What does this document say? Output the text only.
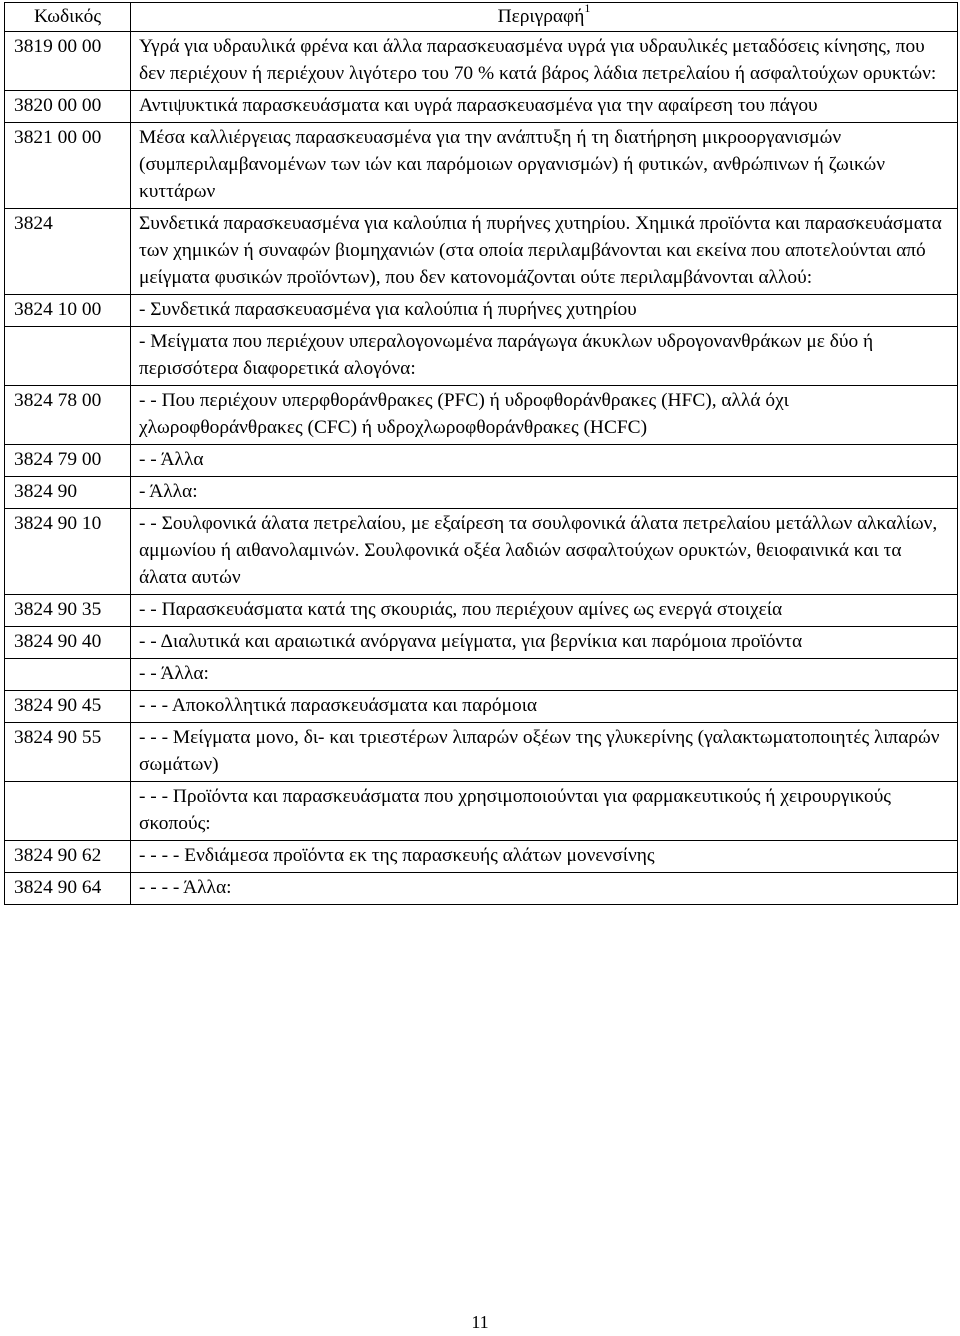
Κωδικός	Περιγραφή$^1$
3819 00 00	Υγρά για υδραυλικά φρένα και άλλα παρασκευασμένα υγρά για υδραυλικές μεταδόσεις κίνησης, που δεν περιέχουν ή περιέχουν λιγότερο του 70 % κατά βάρος λάδια πετρελαίου ή ασφαλτούχων ορυκτών:
3820 00 00	Αντιψυκτικά παρασκευάσματα και υγρά παρασκευασμένα για την αφαίρεση του πάγου
3821 00 00	Μέσα καλλιέργειας παρασκευασμένα για την ανάπτυξη ή τη διατήρηση μικροοργανισμών (συμπεριλαμβανομένων των ιών και παρόμοιων οργανισμών) ή φυτικών, ανθρώπινων ή ζωικών κυττάρων
3824	Συνδετικά παρασκευασμένα για καλούπια ή πυρήνες χυτηρίου. Χημικά προϊόντα και παρασκευάσματα των χημικών ή συναφών βιομηχανιών (στα οποία περιλαμβάνονται και εκείνα που αποτελούνται από μείγματα φυσικών προϊόντων), που δεν κατονομάζονται ούτε περιλαμβάνονται αλλού:
3824 10 00	- Συνδετικά παρασκευασμένα για καλούπια ή πυρήνες χυτηρίου
	- Μείγματα που περιέχουν υπεραλογονωμένα παράγωγα άκυκλων υδρογονανθράκων με δύο ή περισσότερα διαφορετικά αλογόνα:
3824 78 00	- - Που περιέχουν υπερφθοράνθρακες (PFC) ή υδροφθοράνθρακες (HFC), αλλά όχι χλωροφθοράνθρακες (CFC) ή υδροχλωροφθοράνθρακες (HCFC)
3824 79 00	- - Άλλα
3824 90	- Άλλα:
3824 90 10	- - Σουλφονικά άλατα πετρελαίου, με εξαίρεση τα σουλφονικά άλατα πετρελαίου μετάλλων αλκαλίων, αμμωνίου ή αιθανολαμινών. Σουλφονικά οξέα λαδιών ασφαλτούχων ορυκτών, θειοφαινικά και τα άλατα αυτών
3824 90 35	- - Παρασκευάσματα κατά της σκουριάς, που περιέχουν αμίνες ως ενεργά στοιχεία
3824 90 40	- - Διαλυτικά και αραιωτικά ανόργανα μείγματα, για βερνίκια και παρόμοια προϊόντα
	- - Άλλα:
3824 90 45	- - - Αποκολλητικά παρασκευάσματα και παρόμοια
3824 90 55	- - - Μείγματα μονο, δι- και τριεστέρων λιπαρών οξέων της γλυκερίνης (γαλακτωματοποιητές λιπαρών σωμάτων)
	- - - Προϊόντα και παρασκευάσματα που χρησιμοποιούνται για φαρμακευτικούς ή χειρουργικούς σκοπούς:
3824 90 62	- - - - Ενδιάμεσα προϊόντα εκ της παρασκευής αλάτων μονενσίνης
3824 90 64	- - - - Άλλα:
11
